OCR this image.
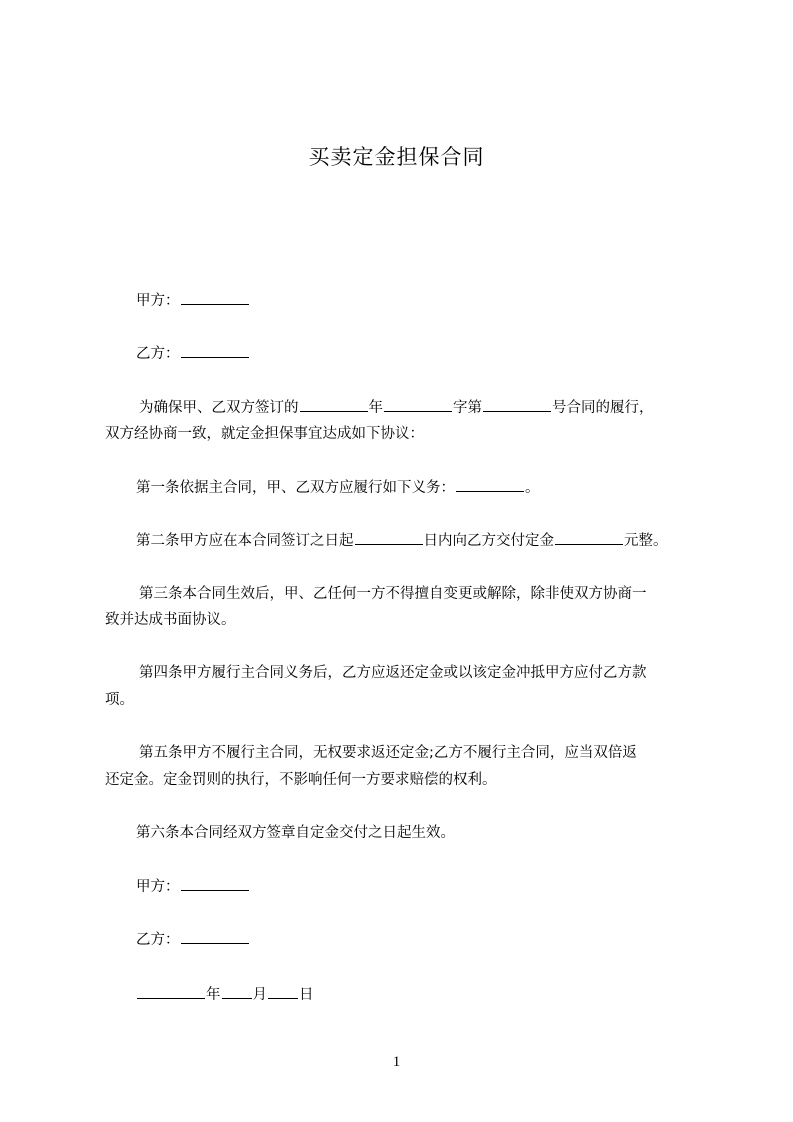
买卖定金担保合同
甲方：
乙方：
为确保甲、乙双方签订的	年	字第	号合同的履行，
双方经协商一致，就定金担保事宜达成如下协议：
第一条依据主合同，甲、乙双方应履行如下义务：	。
第二条甲方应在本合同签订之日起	日内向乙方交付定金	元整。
第三条本合同生效后，甲、乙任何一方不得擅自变更或解除，除非使双方协商一
致并达成书面协议。
第四条甲方履行主合同义务后，乙方应返还定金或以该定金冲抵甲方应付乙方款
项。
第五条甲方不履行主合同，无权要求返还定金;乙方不履行主合同，应当双倍返
还定金。定金罚则的执行，不影响任何一方要求赔偿的权利。
第六条本合同经双方签章自定金交付之日起生效。
甲方：
乙方：
年 月 日
1
